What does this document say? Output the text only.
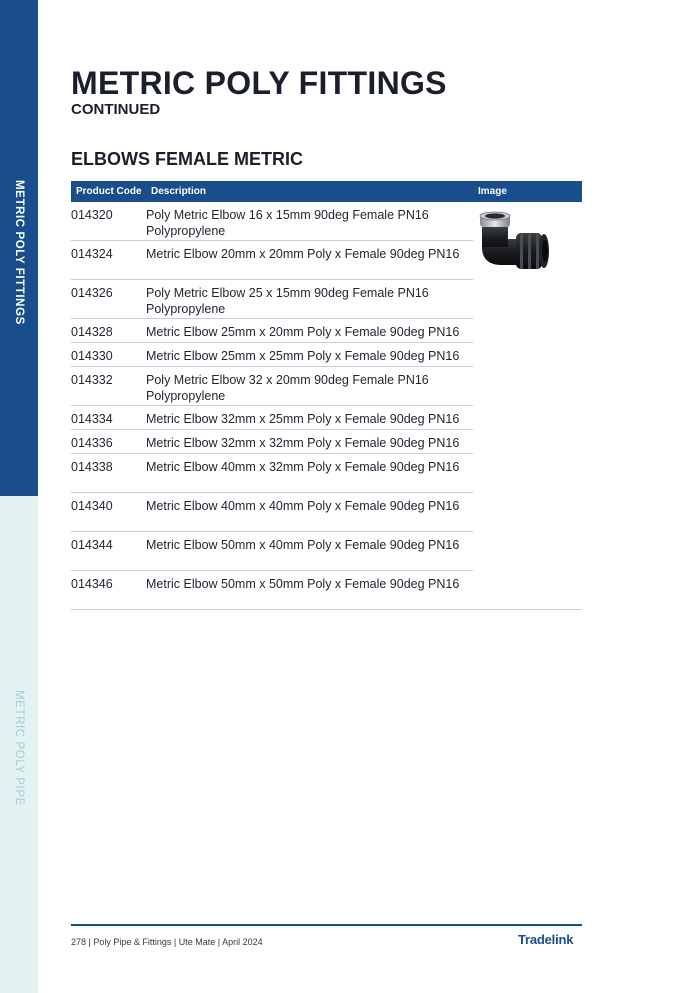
METRIC POLY FITTINGS
METRIC POLY PIPE
METRIC POLY FITTINGS
CONTINUED
ELBOWS FEMALE METRIC
Product Code Description	Image
014320	Poly Metric Elbow 16 x 15mm 90deg Female PN16 Polypropylene
014324	Metric Elbow 20mm x 20mm Poly x Female 90deg PN16
014326	Poly Metric Elbow 25 x 15mm 90deg Female PN16 Polypropylene
014328	Metric Elbow 25mm x 20mm Poly x Female 90deg PN16
014330	Metric Elbow 25mm x 25mm Poly x Female 90deg PN16
014332	Poly Metric Elbow 32 x 20mm 90deg Female PN16 Polypropylene
014334	Metric Elbow 32mm x 25mm Poly x Female 90deg PN16
014336	Metric Elbow 32mm x 32mm Poly x Female 90deg PN16
014338	Metric Elbow 40mm x 32mm Poly x Female 90deg PN16
014340	Metric Elbow 40mm x 40mm Poly x Female 90deg PN16
014344	Metric Elbow 50mm x 40mm Poly x Female 90deg PN16
014346	Metric Elbow 50mm x 50mm Poly x Female 90deg PN16
278 | Poly Pipe & Fittings | Ute Mate | April 2024	Tradelink
